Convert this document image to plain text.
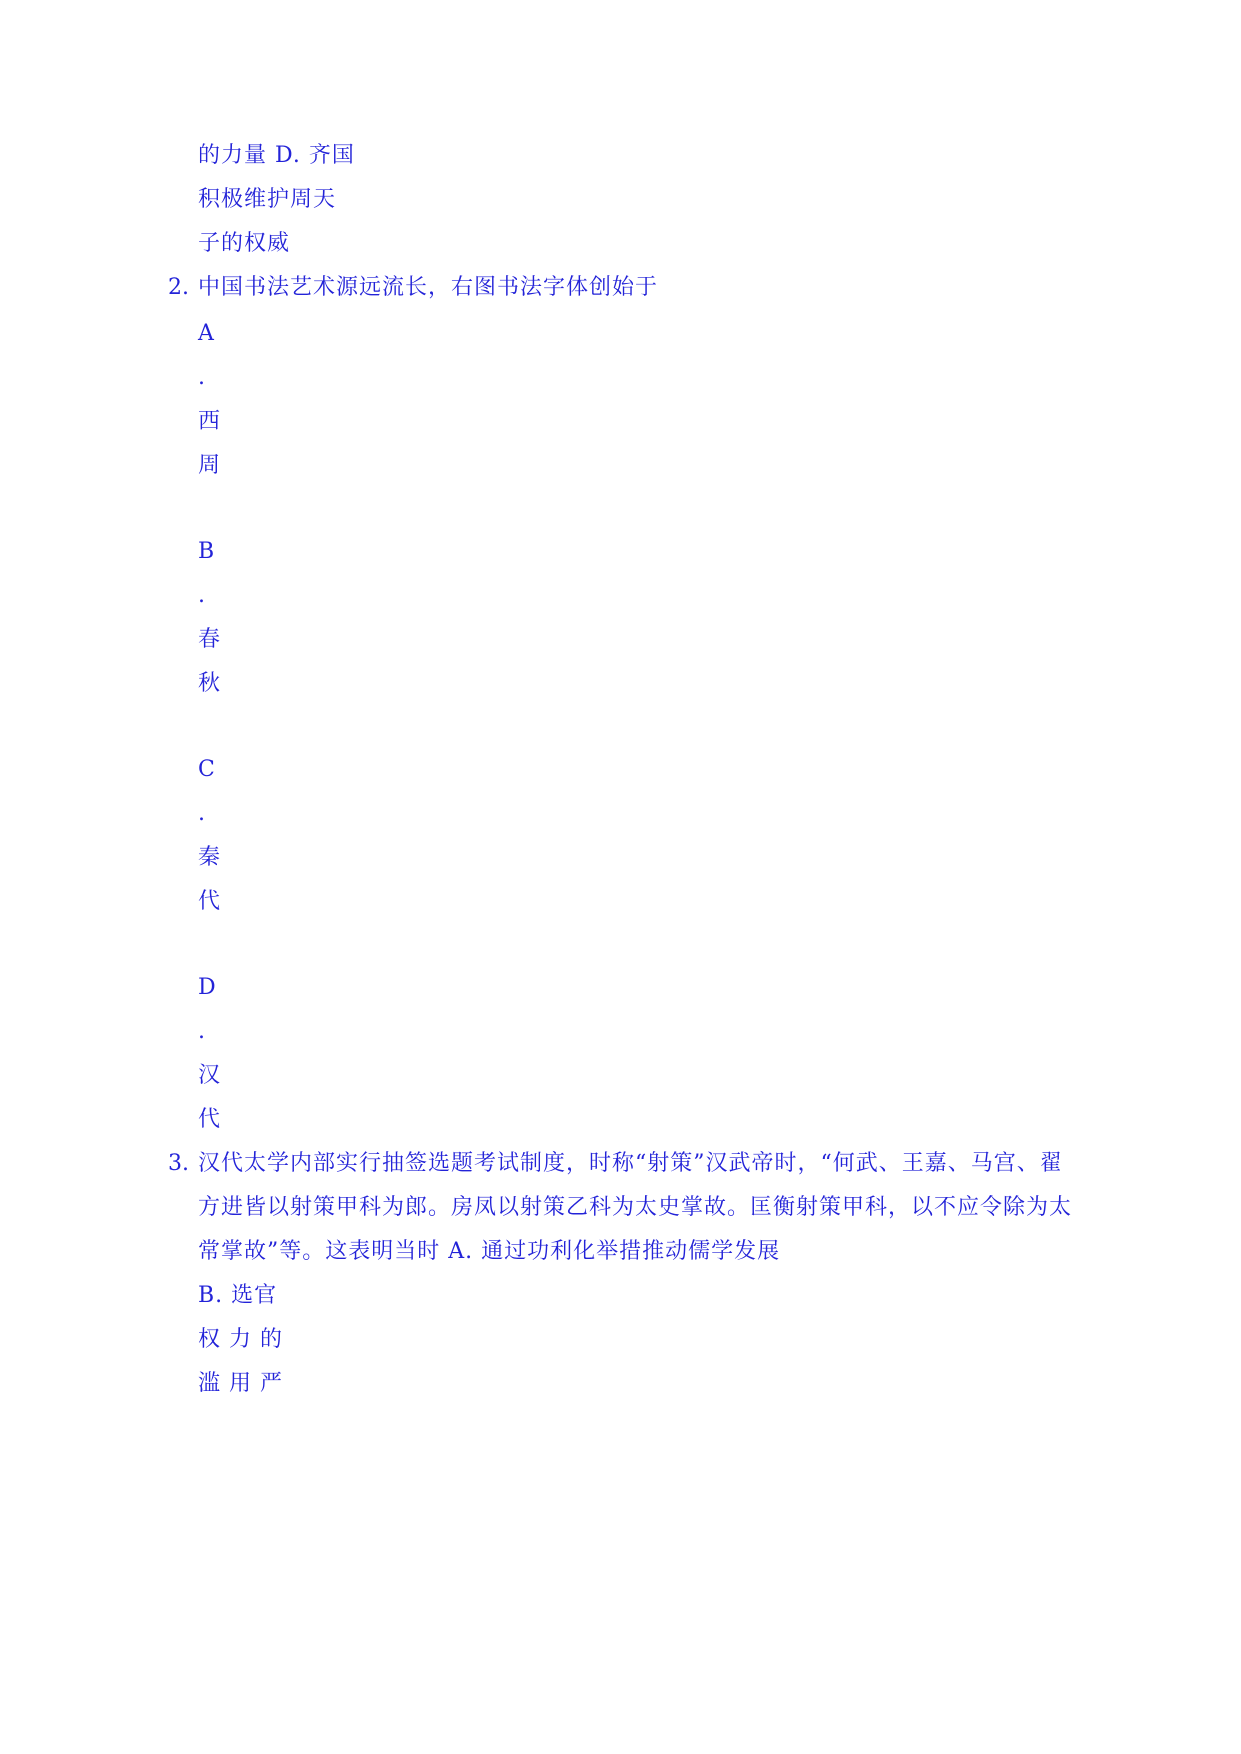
的力量 D. 齐国
积极维护周天
子的权威
2. 中国书法艺术源远流长，右图书法字体创始于
A
.
西
周
B
.
春
秋
C
.
秦
代
D
.
汉
代
3. 汉代太学内部实行抽签选题考试制度，时称“射策”汉武帝时，“何武、王嘉、马宫、翟
方进皆以射策甲科为郎。房凤以射策乙科为太史掌故。匡衡射策甲科，以不应令除为太
常掌故”等。这表明当时 A. 通过功利化举措推动儒学发展
B. 选官
权 力 的
滥 用 严
